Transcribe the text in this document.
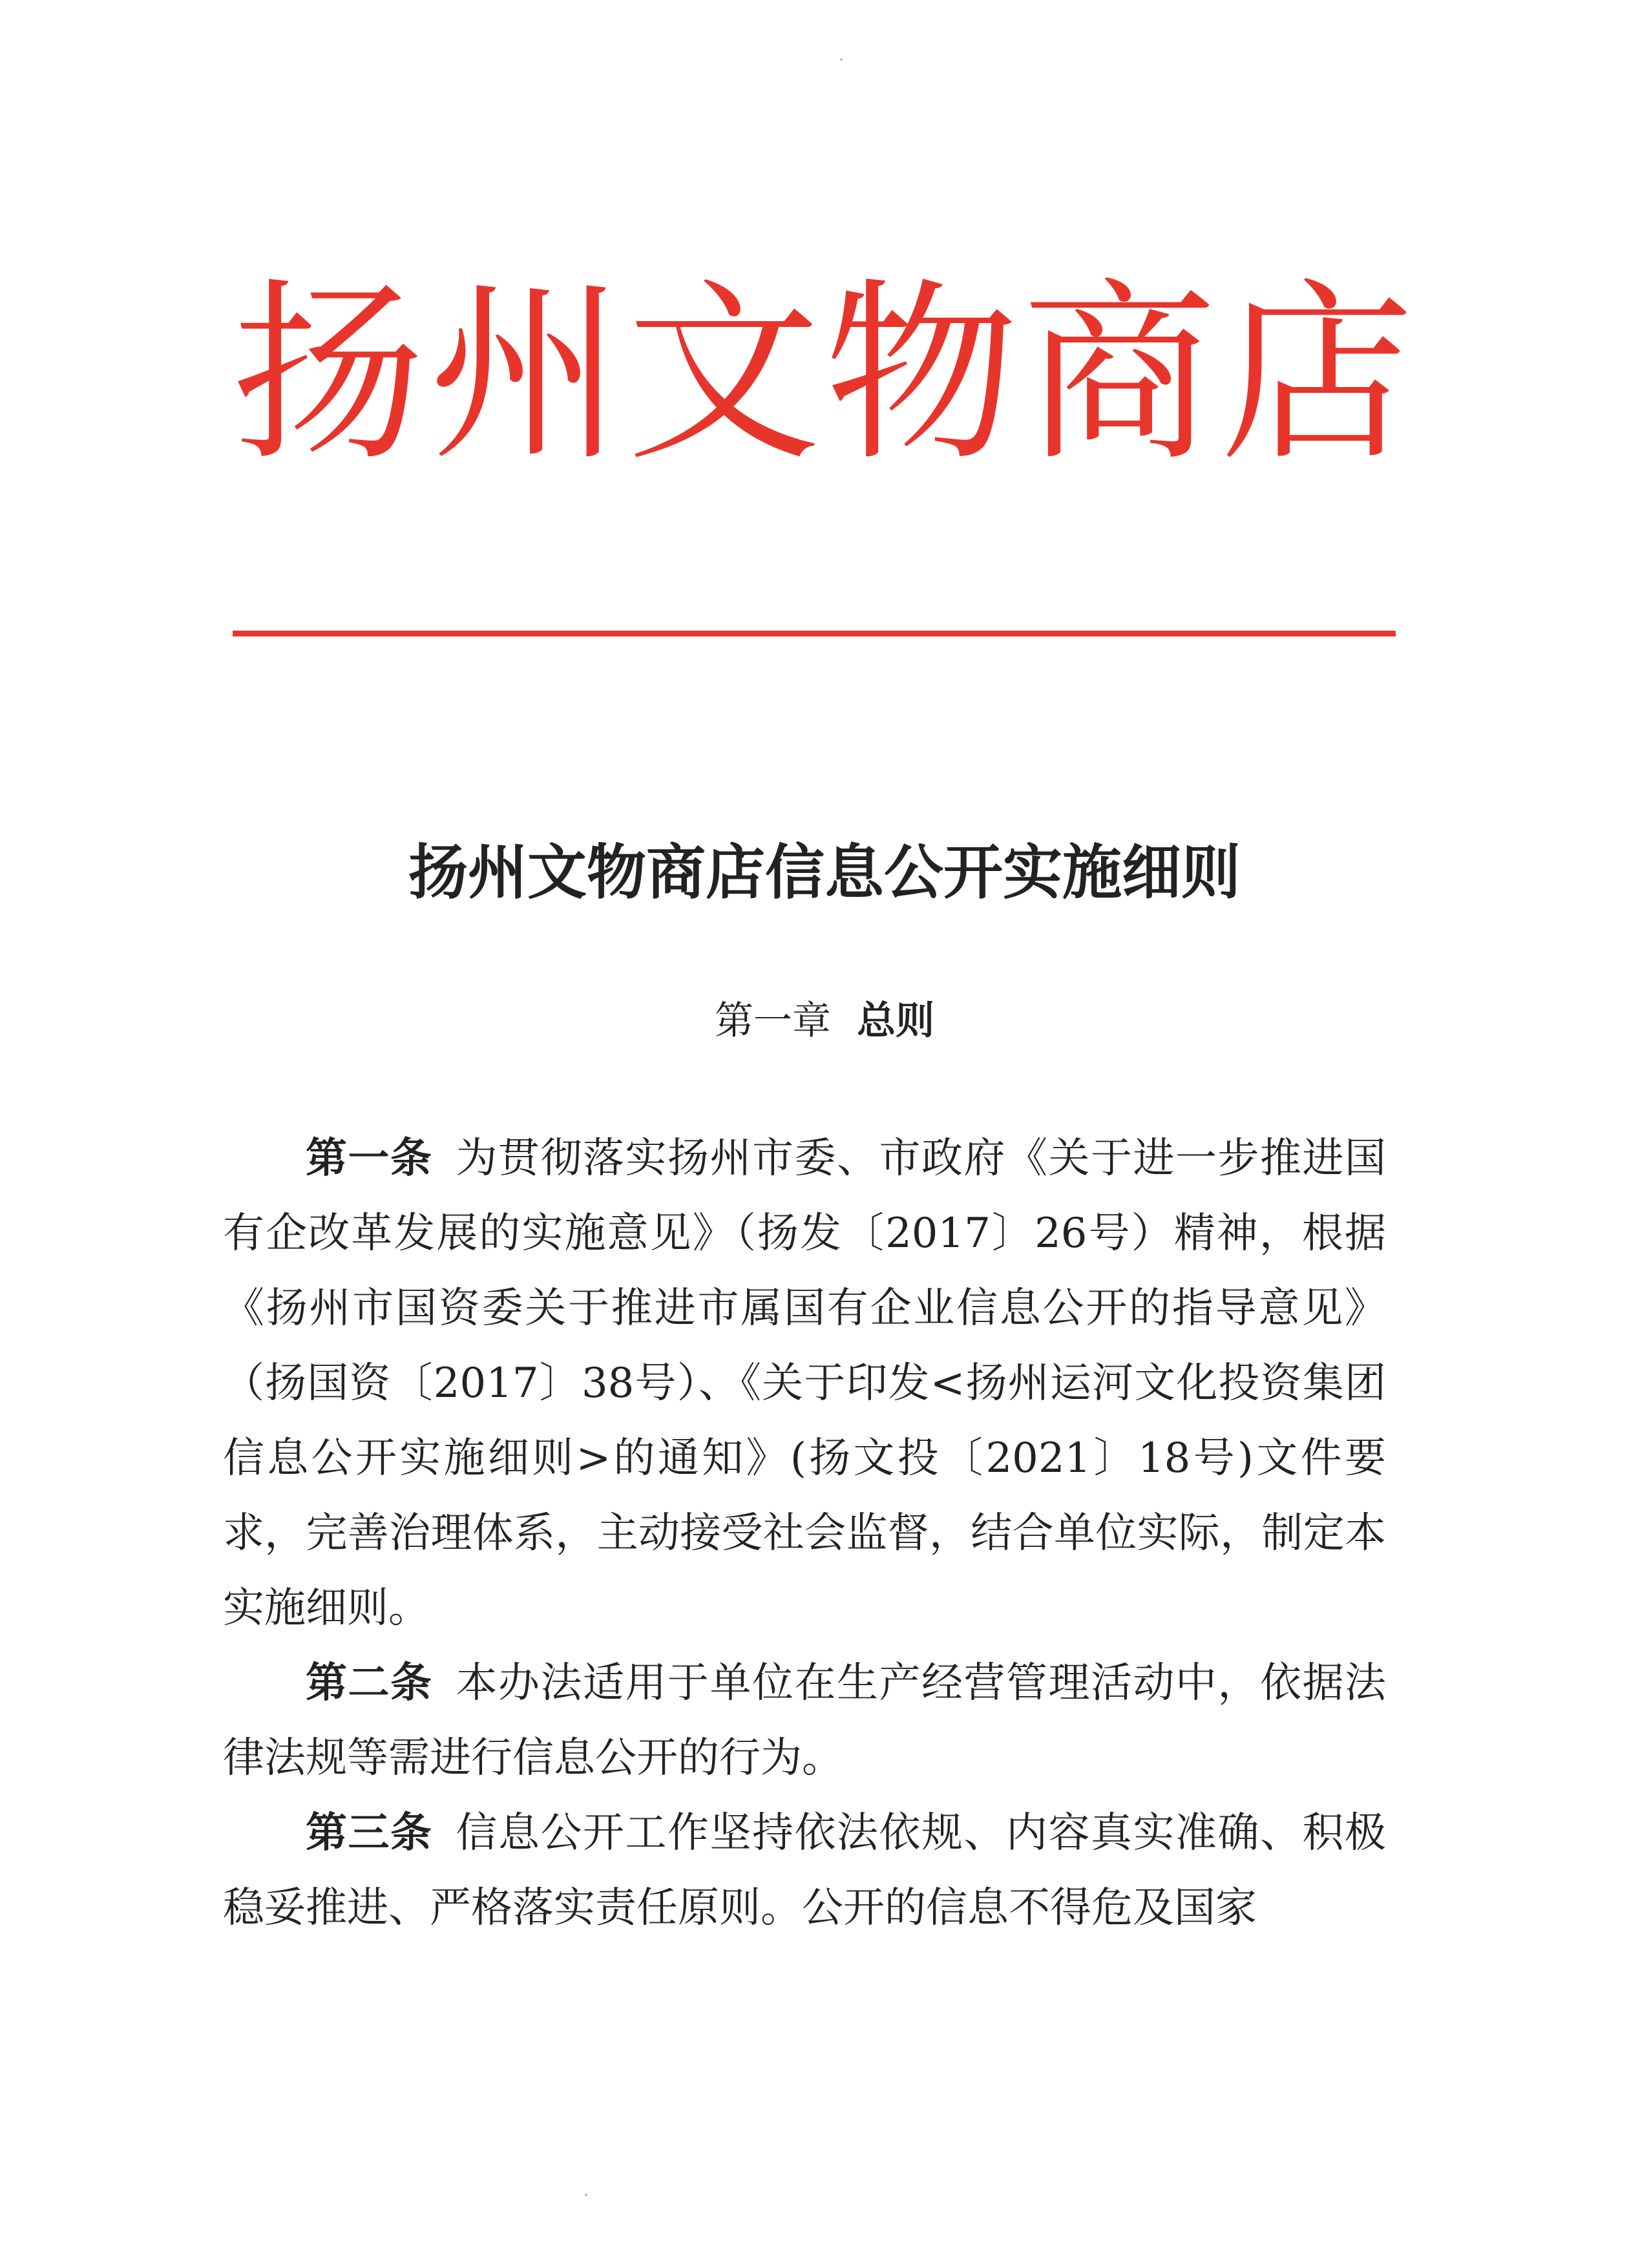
扬州文物商店
扬州文物商店信息公开实施细则
第一章 总则

第一条 为贯彻落实扬州市委、市政府《关于进一步推进国有企改革发展的实施意见》（扬发〔2017〕26号）精神，根据《扬州市国资委关于推进市属国有企业信息公开的指导意见》（扬国资〔2017〕38号）、《关于印发<扬州运河文化投资集团信息公开实施细则>的通知》(扬文投〔2021〕18号)文件要求，完善治理体系，主动接受社会监督，结合单位实际，制定本实施细则。

第二条 本办法适用于单位在生产经营管理活动中，依据法律法规等需进行信息公开的行为。

第三条 信息公开工作坚持依法依规、内容真实准确、积极稳妥推进、严格落实责任原则。公开的信息不得危及国家
